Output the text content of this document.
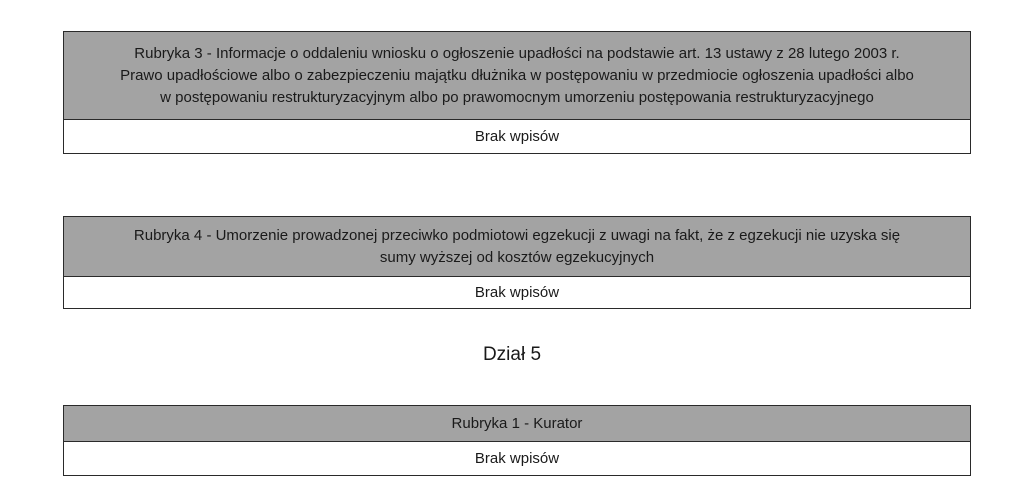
Rubryka 3 - Informacje o oddaleniu wniosku o ogłoszenie upadłości na podstawie art. 13 ustawy z 28 lutego 2003 r.
Prawo upadłościowe albo o zabezpieczeniu majątku dłużnika w postępowaniu w przedmiocie ogłoszenia upadłości albo
w postępowaniu restrukturyzacyjnym albo po prawomocnym umorzeniu postępowania restrukturyzacyjnego
Brak wpisów
Rubryka 4 - Umorzenie prowadzonej przeciwko podmiotowi egzekucji z uwagi na fakt, że z egzekucji nie uzyska się
sumy wyższej od kosztów egzekucyjnych
Brak wpisów
Dział 5
Rubryka 1 - Kurator
Brak wpisów
